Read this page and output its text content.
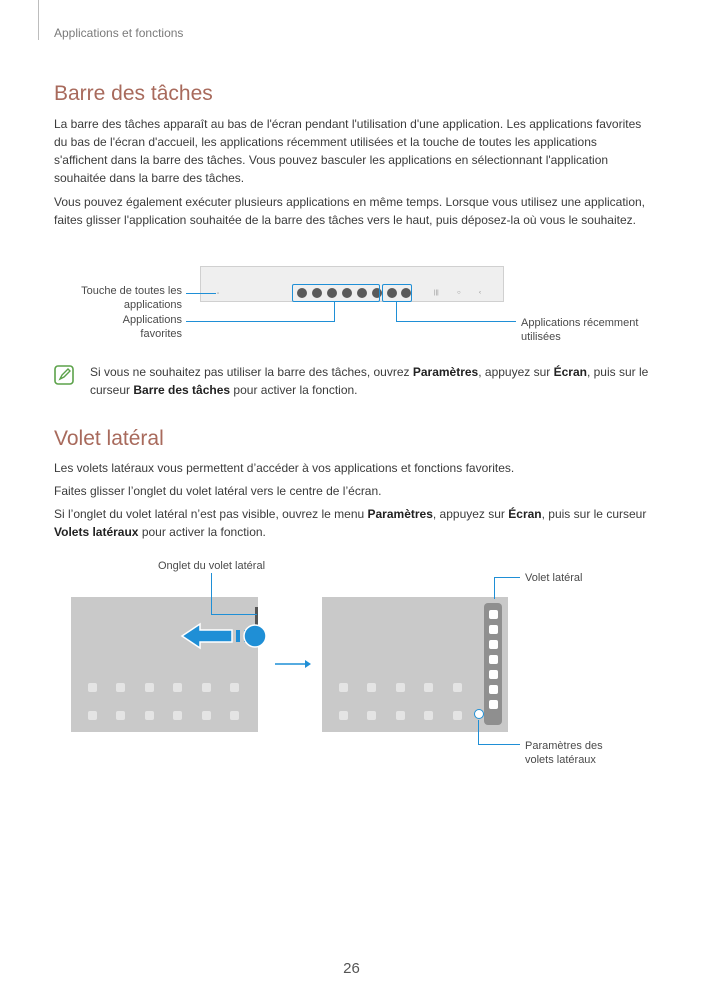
Applications et fonctions
Barre des tâches

La barre des tâches apparaît au bas de l'écran pendant l'utilisation d'une application. Les applications favorites du bas de l'écran d'accueil, les applications récemment utilisées et la touche de toutes les applications s'affichent dans la barre des tâches. Vous pouvez basculer les applications en sélectionnant l'application souhaitée dans la barre des tâches.

Vous pouvez également exécuter plusieurs applications en même temps. Lorsque vous utilisez une application, faites glisser l'application souhaitée de la barre des tâches vers le haut, puis déposez-la où vous le souhaitez.

▫	|||	○	‹
Touche de toutes les applications
Applications favorites
Applications récemment utilisées

Si vous ne souhaitez pas utiliser la barre des tâches, ouvrez Paramètres, appuyez sur Écran, puis sur le curseur Barre des tâches pour activer la fonction.

Volet latéral

Les volets latéraux vous permettent d’accéder à vos applications et fonctions favorites.

Faites glisser l’onglet du volet latéral vers le centre de l’écran.

Si l’onglet du volet latéral n’est pas visible, ouvrez le menu Paramètres, appuyez sur Écran, puis sur le curseur Volets latéraux pour activer la fonction.

Onglet du volet latéral
Volet latéral
Paramètres des volets latéraux
26
